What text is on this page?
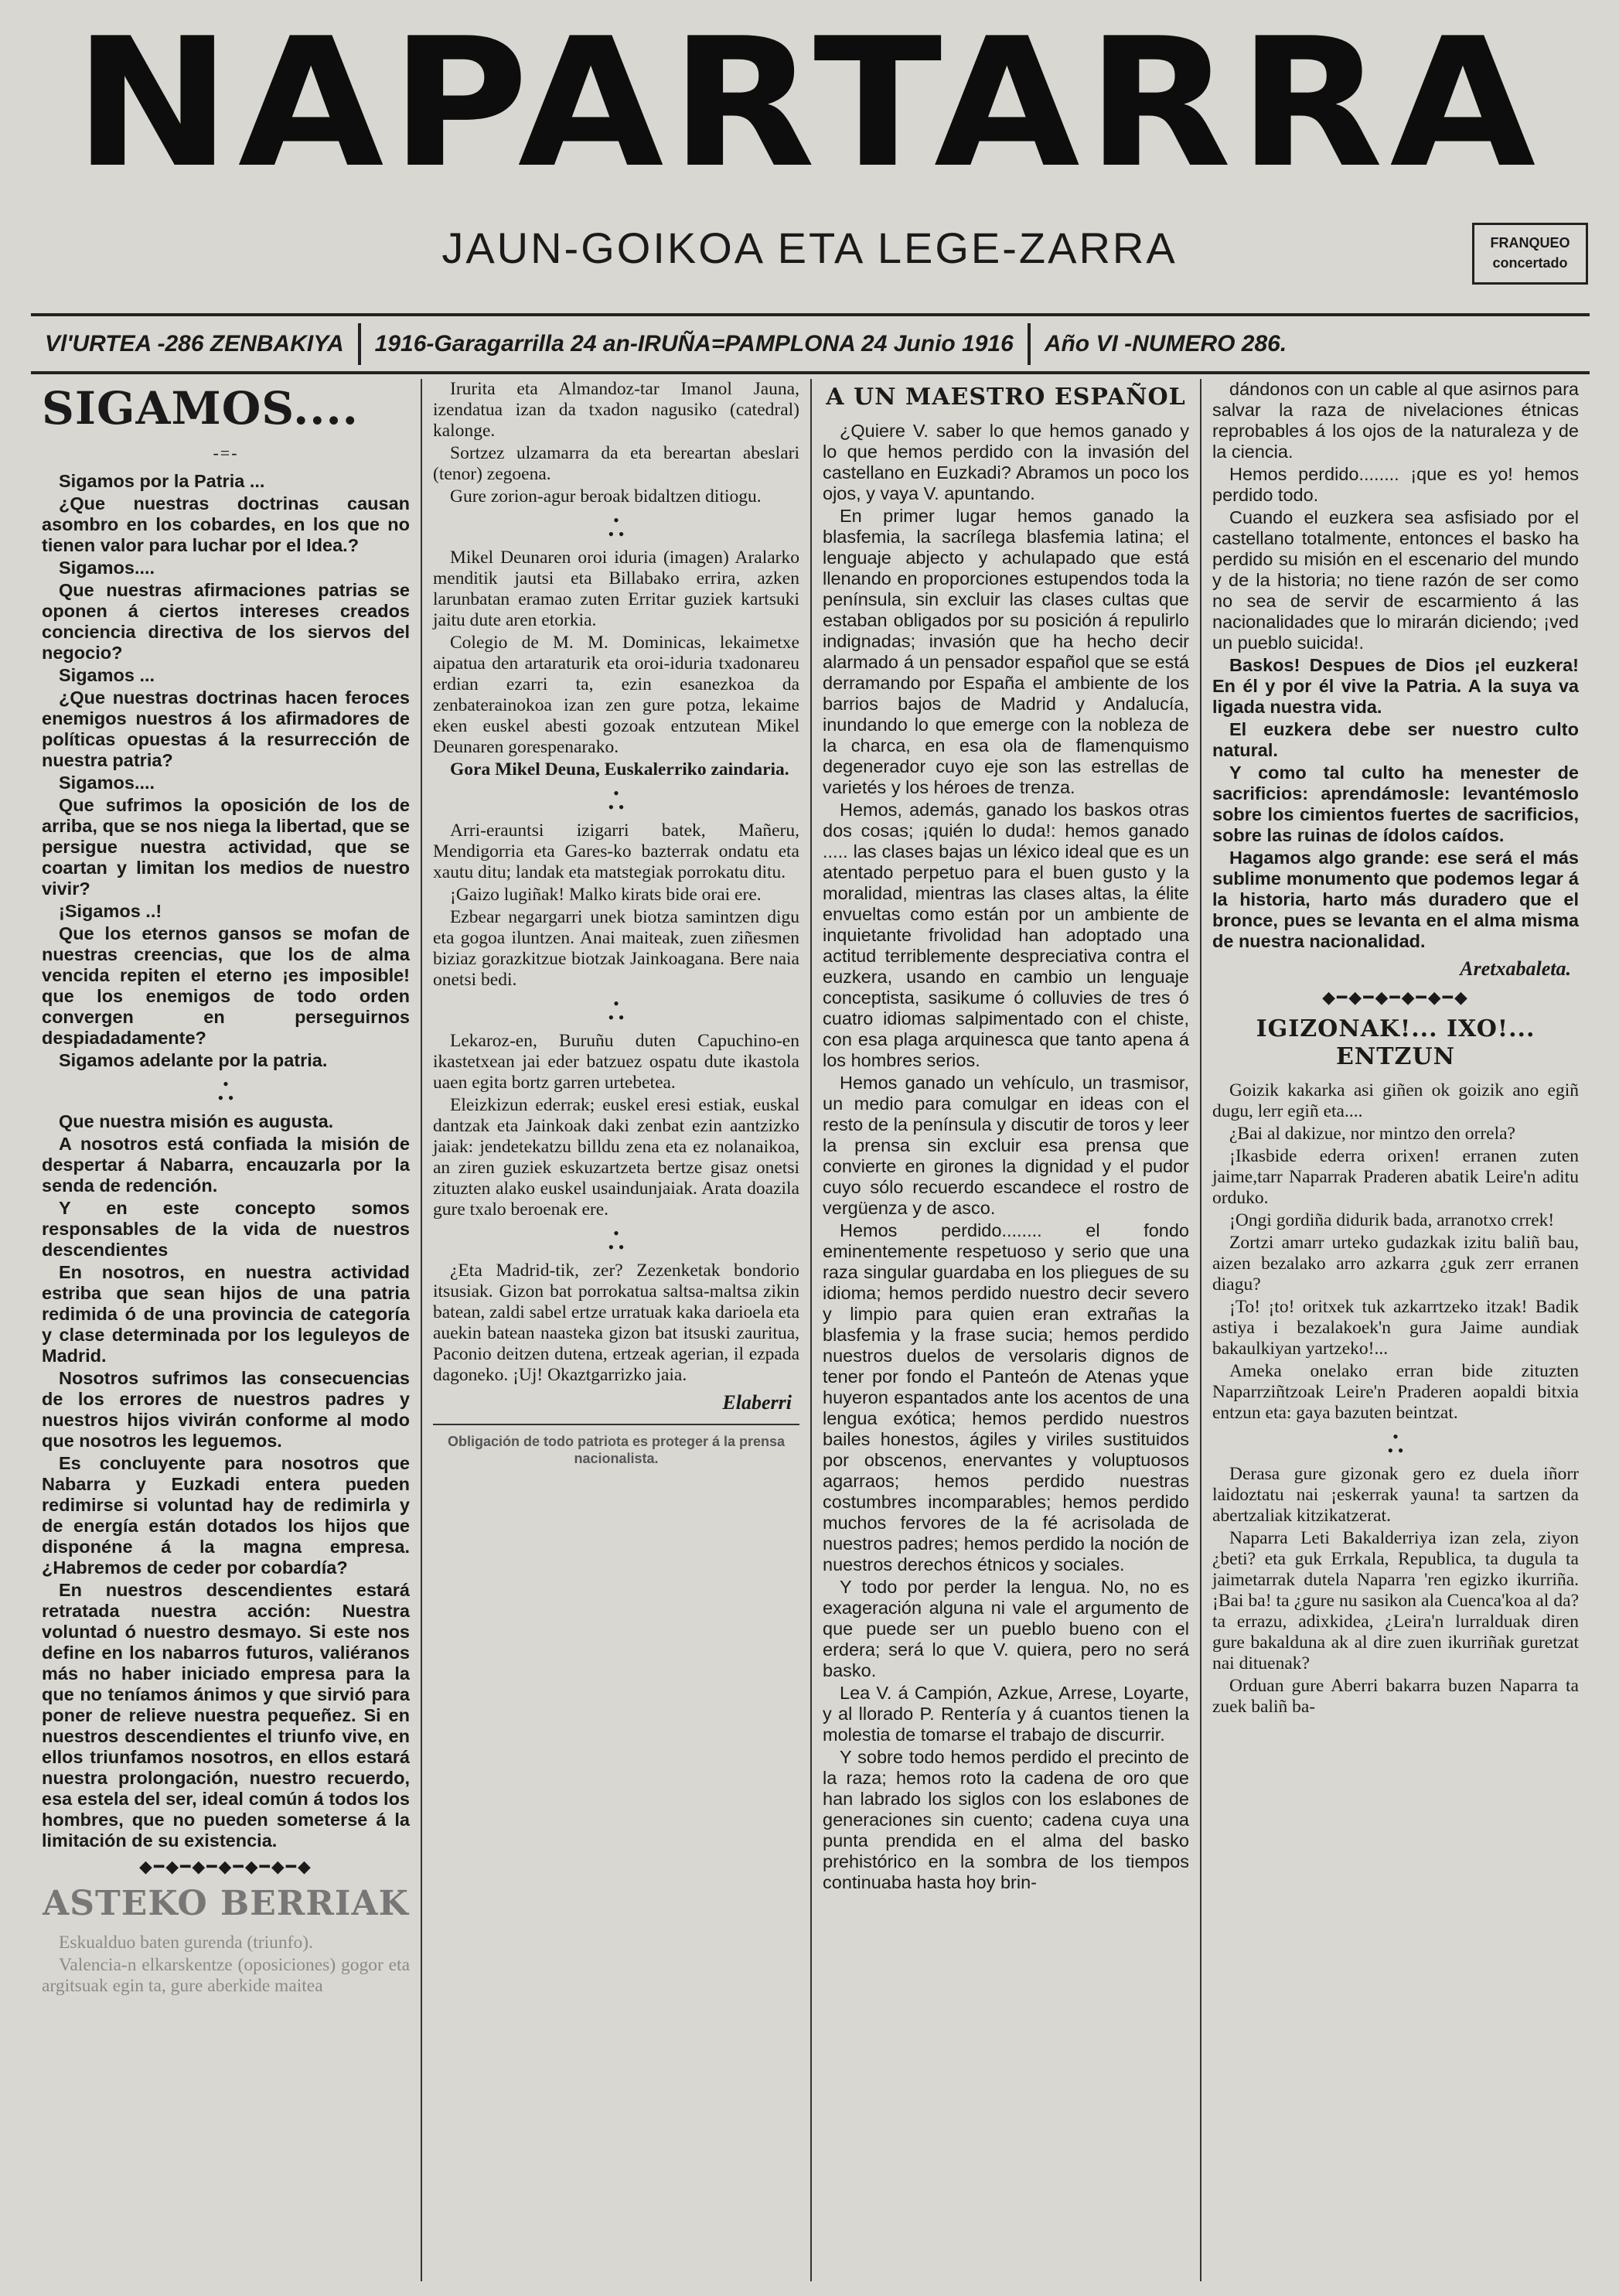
NAPARTARRA
JAUN-GOIKOA ETA LEGE-ZARRA	FRANQUEO
concertado
Vl'URTEA -286 ZENBAKIYA	1916-Garagarrilla 24 an-IRUÑA=PAMPLONA 24 Junio 1916	Año VI -NUMERO 286.
SIGAMOS....
-=-

Sigamos por la Patria ...

¿Que nuestras doctrinas causan asombro en los cobardes, en los que no tienen valor para luchar por el Idea.?

Sigamos....

Que nuestras afirmaciones patrias se oponen á ciertos intereses creados conciencia directiva de los siervos del negocio?

Sigamos ...

¿Que nuestras doctrinas hacen feroces enemigos nuestros á los afirmadores de políticas opuestas á la resurrección de nuestra patria?

Sigamos....

Que sufrimos la oposición de los de arriba, que se nos niega la libertad, que se persigue nuestra actividad, que se coartan y limitan los medios de nuestro vivir?

¡Sigamos ..!

Que los eternos gansos se mofan de nuestras creencias, que los de alma vencida repiten el eterno ¡es imposible! que los enemigos de todo orden convergen en perseguirnos despiadadamente?

Sigamos adelante por la patria.

•
• •

Que nuestra misión es augusta.

A nosotros está confiada la misión de despertar á Nabarra, encauzarla por la senda de redención.

Y en este concepto somos responsables de la vida de nuestros descendientes

En nosotros, en nuestra actividad estriba que sean hijos de una patria redimida ó de una provincia de categoría y clase determinada por los leguleyos de Madrid.

Nosotros sufrimos las consecuencias de los errores de nuestros padres y nuestros hijos vivirán conforme al modo que nosotros les leguemos.

Es concluyente para nosotros que Nabarra y Euzkadi entera pueden redimirse si voluntad hay de redimirla y de energía están dotados los hijos que disponéne á la magna empresa. ¿Habremos de ceder por cobardía?

En nuestros descendientes estará retratada nuestra acción: Nuestra voluntad ó nuestro desmayo. Si este nos define en los nabarros futuros, valiéranos más no haber iniciado empresa para la que no teníamos ánimos y que sirvió para poner de relieve nuestra pequeñez. Si en nuestros descendientes el triunfo vive, en ellos triunfamos nosotros, en ellos estará nuestra prolongación, nuestro recuerdo, esa estela del ser, ideal común á todos los hombres, que no pueden someterse á la limitación de su existencia.

◆━◆━◆━◆━◆━◆━◆
ASTEKO BERRIAK

Eskualduo baten gurenda (triunfo).

Valencia-n elkarskentze (oposiciones) gogor eta argitsuak egin ta, gure aberkide maitea

Irurita eta Almandoz-tar Imanol Jauna, izendatua izan da txadon nagusiko (catedral) kalonge.

Sortzez ulzamarra da eta bereartan abeslari (tenor) zegoena.

Gure zorion-agur beroak bidaltzen ditiogu.

•
• •

Mikel Deunaren oroi iduria (imagen) Aralarko menditik jautsi eta Billabako errira, azken larunbatan eramao zuten Erritar guziek kartsuki jaitu dute aren etorkia.

Colegio de M. M. Dominicas, lekaimetxe aipatua den artaraturik eta oroi-iduria txadonareu erdian ezarri ta, ezin esanezkoa da zenbaterainokoa izan zen gure potza, lekaime eken euskel abesti gozoak entzutean Mikel Deunaren gorespenarako.

Gora Mikel Deuna, Euskalerriko zaindaria.

•
• •

Arri-erauntsi izigarri batek, Mañeru, Mendigorria eta Gares-ko bazterrak ondatu eta xautu ditu; landak eta matstegiak porrokatu ditu.

¡Gaizo lugiñak! Malko kirats bide orai ere.

Ezbear negargarri unek biotza samintzen digu eta gogoa iluntzen. Anai maiteak, zuen ziñesmen biziaz gorazkitzue biotzak Jainkoagana. Bere naia onetsi bedi.

•
• •

Lekaroz-en, Buruñu duten Capuchino-en ikastetxean jai eder batzuez ospatu dute ikastola uaen egita bortz garren urtebetea.

Eleizkizun ederrak; euskel eresi estiak, euskal dantzak eta Jainkoak daki zenbat ezin aantzizko jaiak: jendetekatzu billdu zena eta ez nolanaikoa, an ziren guziek eskuzartzeta bertze gisaz onetsi zituzten alako euskel usaindunjaiak. Arata doazila gure txalo beroenak ere.

•
• •

¿Eta Madrid-tik, zer? Zezenketak bondorio itsusiak. Gizon bat porrokatua saltsa-maltsa zikin batean, zaldi sabel ertze urratuak kaka darioela eta auekin batean naasteka gizon bat itsuski zauritua, Paconio deitzen dutena, ertzeak agerian, il ezpada dagoneko. ¡Uj! Okaztgarrizko jaia.

Elaberri
Obligación de todo patriota es proteger á la prensa nacionalista.
A UN MAESTRO ESPAÑOL

¿Quiere V. saber lo que hemos ganado y lo que hemos perdido con la invasión del castellano en Euzkadi? Abramos un poco los ojos, y vaya V. apuntando.

En primer lugar hemos ganado la blasfemia, la sacrílega blasfemia latina; el lenguaje abjecto y achulapado que está llenando en proporciones estupendos toda la península, sin excluir las clases cultas que estaban obligados por su posición á repulirlo indignadas; invasión que ha hecho decir alarmado á un pensador español que se está derramando por España el ambiente de los barrios bajos de Madrid y Andalucía, inundando lo que emerge con la nobleza de la charca, en esa ola de flamenquismo degenerador cuyo eje son las estrellas de varietés y los héroes de trenza.

Hemos, además, ganado los baskos otras dos cosas; ¡quién lo duda!: hemos ganado ..... las clases bajas un léxico ideal que es un atentado perpetuo para el buen gusto y la moralidad, mientras las clases altas, la élite envueltas como están por un ambiente de inquietante frivolidad han adoptado una actitud terriblemente despreciativa contra el euzkera, usando en cambio un lenguaje conceptista, sasikume ó colluvies de tres ó cuatro idiomas salpimentado con el chiste, con esa plaga arquinesca que tanto apena á los hombres serios.

Hemos ganado un vehículo, un trasmisor, un medio para comulgar en ideas con el resto de la península y discutir de toros y leer la prensa sin excluir esa prensa que convierte en girones la dignidad y el pudor cuyo sólo recuerdo escandece el rostro de vergüenza y de asco.

Hemos perdido........ el fondo eminentemente respetuoso y serio que una raza singular guardaba en los pliegues de su idioma; hemos perdido nuestro decir severo y limpio para quien eran extrañas la blasfemia y la frase sucia; hemos perdido nuestros duelos de versolaris dignos de tener por fondo el Panteón de Atenas yque huyeron espantados ante los acentos de una lengua exótica; hemos perdido nuestros bailes honestos, ágiles y viriles sustituidos por obscenos, enervantes y voluptuosos agarraos; hemos perdido nuestras costumbres incomparables; hemos perdido muchos fervores de la fé acrisolada de nuestros padres; hemos perdido la noción de nuestros derechos étnicos y sociales.

Y todo por perder la lengua. No, no es exageración alguna ni vale el argumento de que puede ser un pueblo bueno con el erdera; será lo que V. quiera, pero no será basko.

Lea V. á Campión, Azkue, Arrese, Loyarte, y al llorado P. Rentería y á cuantos tienen la molestia de tomarse el trabajo de discurrir.

Y sobre todo hemos perdido el precinto de la raza; hemos roto la cadena de oro que han labrado los siglos con los eslabones de generaciones sin cuento; cadena cuya una punta prendida en el alma del basko prehistórico en la sombra de los tiempos continuaba hasta hoy brin-

dándonos con un cable al que asirnos para salvar la raza de nivelaciones étnicas reprobables á los ojos de la naturaleza y de la ciencia.

Hemos perdido........ ¡que es yo! hemos perdido todo.

Cuando el euzkera sea asfisiado por el castellano totalmente, entonces el basko ha perdido su misión en el escenario del mundo y de la historia; no tiene razón de ser como no sea de servir de escarmiento á las nacionalidades que lo mirarán diciendo; ¡ved un pueblo suicida!.

Baskos! Despues de Dios ¡el euzkera! En él y por él vive la Patria. A la suya va ligada nuestra vida.

El euzkera debe ser nuestro culto natural.

Y como tal culto ha menester de sacrificios: aprendámosle: levantémoslo sobre los cimientos fuertes de sacrificios, sobre las ruinas de ídolos caídos.

Hagamos algo grande: ese será el más sublime monumento que podemos legar á la historia, harto más duradero que el bronce, pues se levanta en el alma misma de nuestra nacionalidad.

Aretxabaleta.
◆━◆━◆━◆━◆━◆
IGIZONAK!... IXO!... ENTZUN

Goizik kakarka asi giñen ok goizik ano egiñ dugu, lerr egiñ eta....

¿Bai al dakizue, nor mintzo den orrela?

¡Ikasbide ederra orixen! erranen zuten jaime,tarr Naparrak Praderen abatik Leire'n aditu orduko.

¡Ongi gordiña didurik bada, arranotxo crrek!

Zortzi amarr urteko gudazkak izitu baliñ bau, aizen bezalako arro azkarra ¿guk zerr erranen diagu?

¡To! ¡to! oritxek tuk azkarrtzeko itzak! Badik astiya i bezalakoek'n gura Jaime aundiak bakaulkiyan yartzeko!...

Ameka onelako erran bide zituzten Naparrziñtzoak Leire'n Praderen aopaldi bitxia entzun eta: gaya bazuten beintzat.

•
• •

Derasa gure gizonak gero ez duela iñorr laidoztatu nai ¡eskerrak yauna! ta sartzen da abertzaliak kitzikatzerat.

Naparra Leti Bakalderriya izan zela, ziyon ¿beti? eta guk Errkala, Republica, ta dugula ta jaimetarrak dutela Naparra 'ren egizko ikurriña. ¡Bai ba! ta ¿gure nu sasikon ala Cuenca'koa al da? ta errazu, adixkidea, ¿Leira'n lurralduak diren gure bakalduna ak al dire zuen ikurriñak guretzat nai dituenak?

Orduan gure Aberri bakarra buzen Naparra ta zuek baliñ ba-
